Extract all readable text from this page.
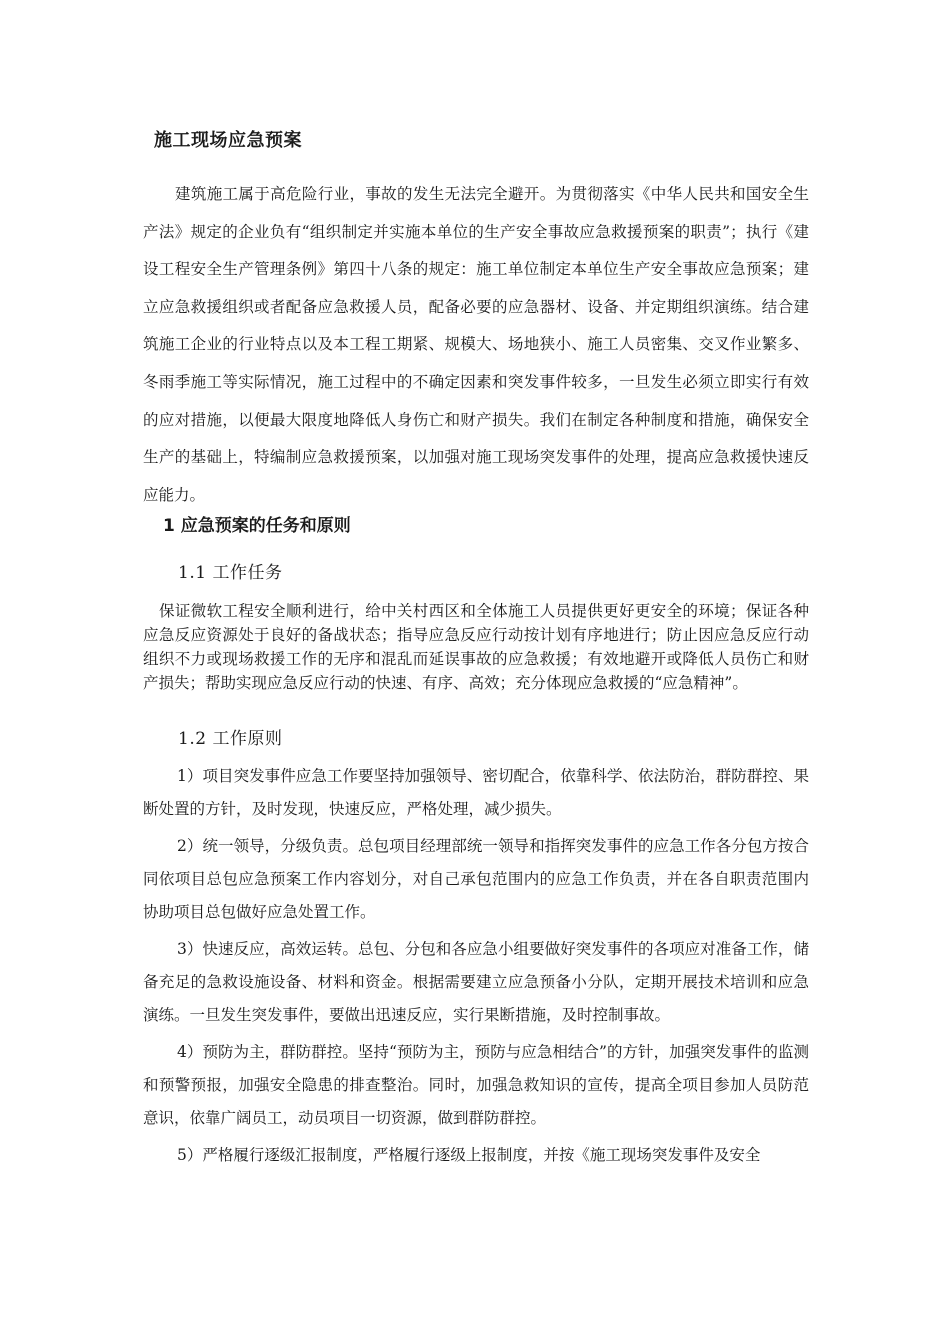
施工现场应急预案

建筑施工属于高危险行业，事故的发生无法完全避开。为贯彻落实《中华人民共和国安全生产法》规定的企业负有“组织制定并实施本单位的生产安全事故应急救援预案的职责”；执行《建设工程安全生产管理条例》第四十八条的规定：施工单位制定本单位生产安全事故应急预案；建立应急救援组织或者配备应急救援人员，配备必要的应急器材、设备、并定期组织演练。结合建筑施工企业的行业特点以及本工程工期紧、规模大、场地狭小、施工人员密集、交叉作业繁多、冬雨季施工等实际情况，施工过程中的不确定因素和突发事件较多，一旦发生必须立即实行有效的应对措施，以便最大限度地降低人身伤亡和财产损失。我们在制定各种制度和措施，确保安全生产的基础上，特编制应急救援预案，以加强对施工现场突发事件的处理，提高应急救援快速反应能力。

1 应急预案的任务和原则
1.1 工作任务

保证微软工程安全顺利进行，给中关村西区和全体施工人员提供更好更安全的环境；保证各种应急反应资源处于良好的备战状态；指导应急反应行动按计划有序地进行；防止因应急反应行动组织不力或现场救援工作的无序和混乱而延误事故的应急救援；有效地避开或降低人员伤亡和财产损失；帮助实现应急反应行动的快速、有序、高效；充分体现应急救援的“应急精神”。

1.2 工作原则

1）项目突发事件应急工作要坚持加强领导、密切配合，依靠科学、依法防治，群防群控、果断处置的方针，及时发现，快速反应，严格处理，减少损失。

2）统一领导，分级负责。总包项目经理部统一领导和指挥突发事件的应急工作各分包方按合同依项目总包应急预案工作内容划分，对自己承包范围内的应急工作负责，并在各自职责范围内协助项目总包做好应急处置工作。

3）快速反应，高效运转。总包、分包和各应急小组要做好突发事件的各项应对准备工作，储备充足的急救设施设备、材料和资金。根据需要建立应急预备小分队，定期开展技术培训和应急演练。一旦发生突发事件，要做出迅速反应，实行果断措施，及时控制事故。

4）预防为主，群防群控。坚持“预防为主，预防与应急相结合”的方针，加强突发事件的监测和预警预报，加强安全隐患的排查整治。同时，加强急救知识的宣传，提高全项目参加人员防范意识，依靠广阔员工，动员项目一切资源，做到群防群控。

5）严格履行逐级汇报制度，严格履行逐级上报制度，并按《施工现场突发事件及安全
